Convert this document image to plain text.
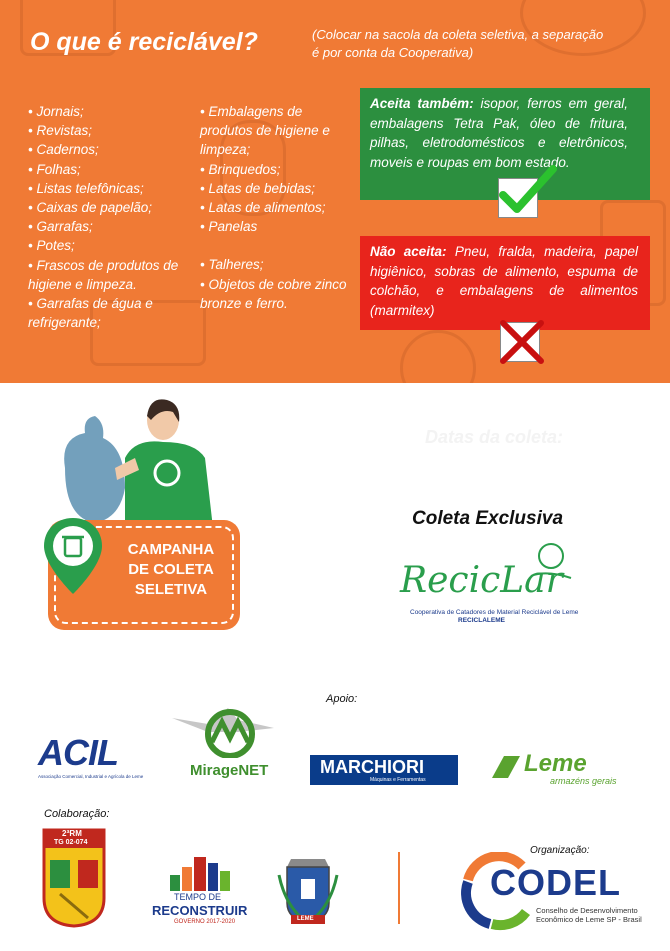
O que é reciclável?	(Colocar na sacola da coleta seletiva, a separação é por conta da Cooperativa)
• Jornais;
• Revistas;
• Cadernos;
• Folhas;
• Listas telefônicas;
• Caixas de papelão;
• Garrafas;
• Potes;
• Frascos de produtos de higiene e limpeza.
• Garrafas de água e refrigerante;
• Embalagens de produtos de higiene e limpeza;
• Brinquedos;
• Latas de bebidas;
• Latas de alimentos;
• Panelas
• Talheres;
• Objetos de cobre zinco bronze e ferro.
Aceita também: isopor, ferros em geral, embalagens Tetra Pak, óleo de fritura, pilhas, eletrodomésticos e eletrônicos, moveis e roupas em bom estado.
Não aceita: Pneu, fralda, madeira, papel higiênico, sobras de alimento, espuma de colchão, e embalagens de alimentos (marmitex)
CAMPANHA
DE COLETA
SELETIVA
Datas da coleta:
Coleta Exclusiva
RecicLar
Cooperativa de Catadores de Material Reciclável de Leme
RECICLALEME
Apoio:
ACIL
Associação Comercial, Industrial e Agrícola de Leme	MirageNET	MARCHIORI
Máquinas e Ferramentas
Leme
armazéns gerais
Colaboração:
2ªRM
TG 02-074
TEMPO DE
RECONSTRUIR
GOVERNO 2017-2020	LEME
Organização:
CODEL
Conselho de Desenvolvimento
Econômico de Leme SP - Brasil
